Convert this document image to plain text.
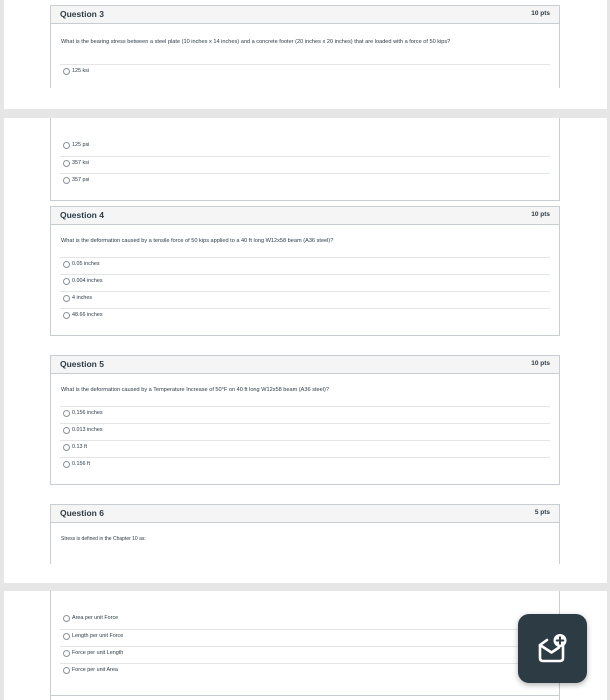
Question 3	10 pts
What is the bearing stress between a steel plate (10 inches x 14 inches) and a concrete footer (20 inches x 20 inches) that are loaded with a force of 50 kips?
125 ksi
125 psi
357 ksi
357 psi
Question 4	10 pts
What is the deformation caused by a tensile force of 50 kips applied to a 40 ft long W12x58 beam (A36 steel)?
0.05 inches
0.004 inches
4 inches
48.66 inches
Question 5	10 pts
What is the deformation caused by a Temperature Increase of 50°F on 40 ft long W12x58 beam (A36 steel)?
0.156 inches
0.013 inches
0.13 ft
0.156 ft
Question 6	5 pts
Stress is defined in the Chapter 10 as:
Area per unit Force
Length per unit Force
Force per unit Length
Force per unit Area
